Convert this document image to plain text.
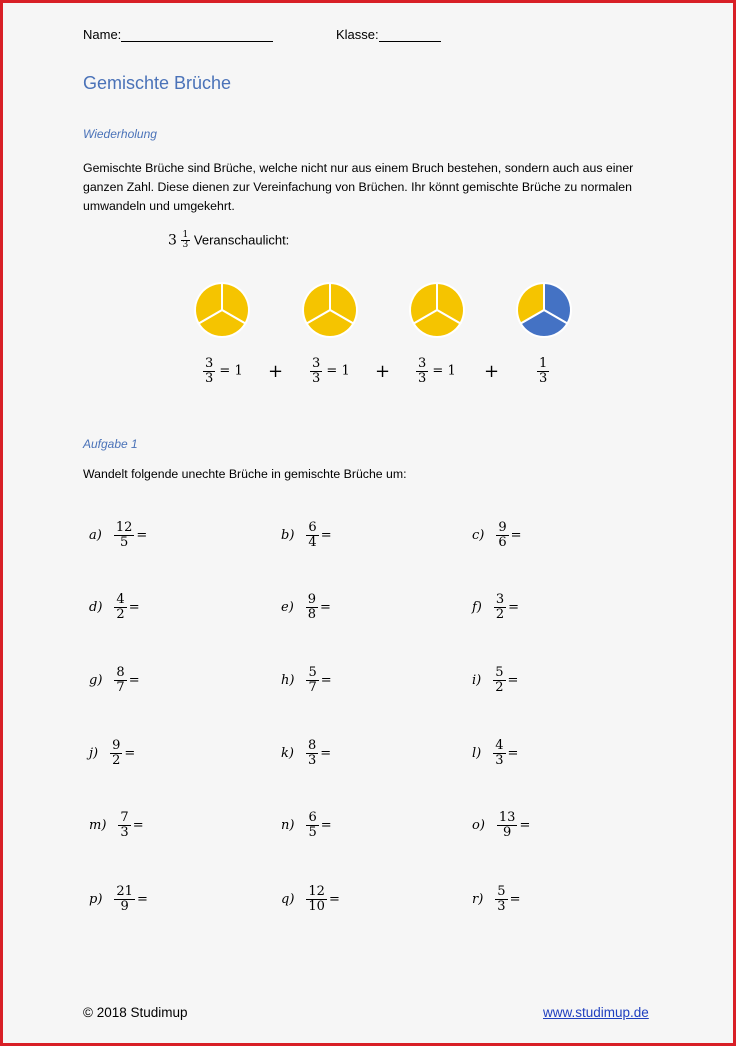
Name:	Klasse:
Gemischte Brüche
Wiederholung
Gemischte Brüche sind Brüche, welche nicht nur aus einem Bruch bestehen, sondern auch aus einer ganzen Zahl. Diese dienen zur Vereinfachung von Brüchen. Ihr könnt gemischte Brüche zu normalen umwandeln und umgekehrt.
$3 \frac{1}{3}$ Veranschaulicht:
$\frac{3}{3} = 1 + \frac{3}{3} = 1 + \frac{3}{3} = 1$ +	$\frac{1}{3}$
Aufgabe 1
Wandelt folgende unechte Brüche in gemischte Brüche um:
$a) \frac{12}{5}$ =	$b) \frac{6}{4}$ =	$c) \frac{9}{6}$ =
$d) \frac{4}{2}$ =	$e) \frac{9}{8}$ =	$f) \frac{3}{2}$ =
$g) \frac{8}{7}$ =	$h) \frac{5}{7}$ =	$i) \frac{5}{2}$ =
$j) \frac{9}{2}$ =	$k) \frac{8}{3}$ =	$l) \frac{4}{3}$ =
$m) \frac{7}{3}$ =	$n) \frac{6}{5}$ =	$o) \frac{13}{9}$ =
$p) \frac{21}{9}$ =	$q) \frac{12}{10}$ =	$r) \frac{5}{3}$ =
© 2018 Studimup	www.studimup.de
